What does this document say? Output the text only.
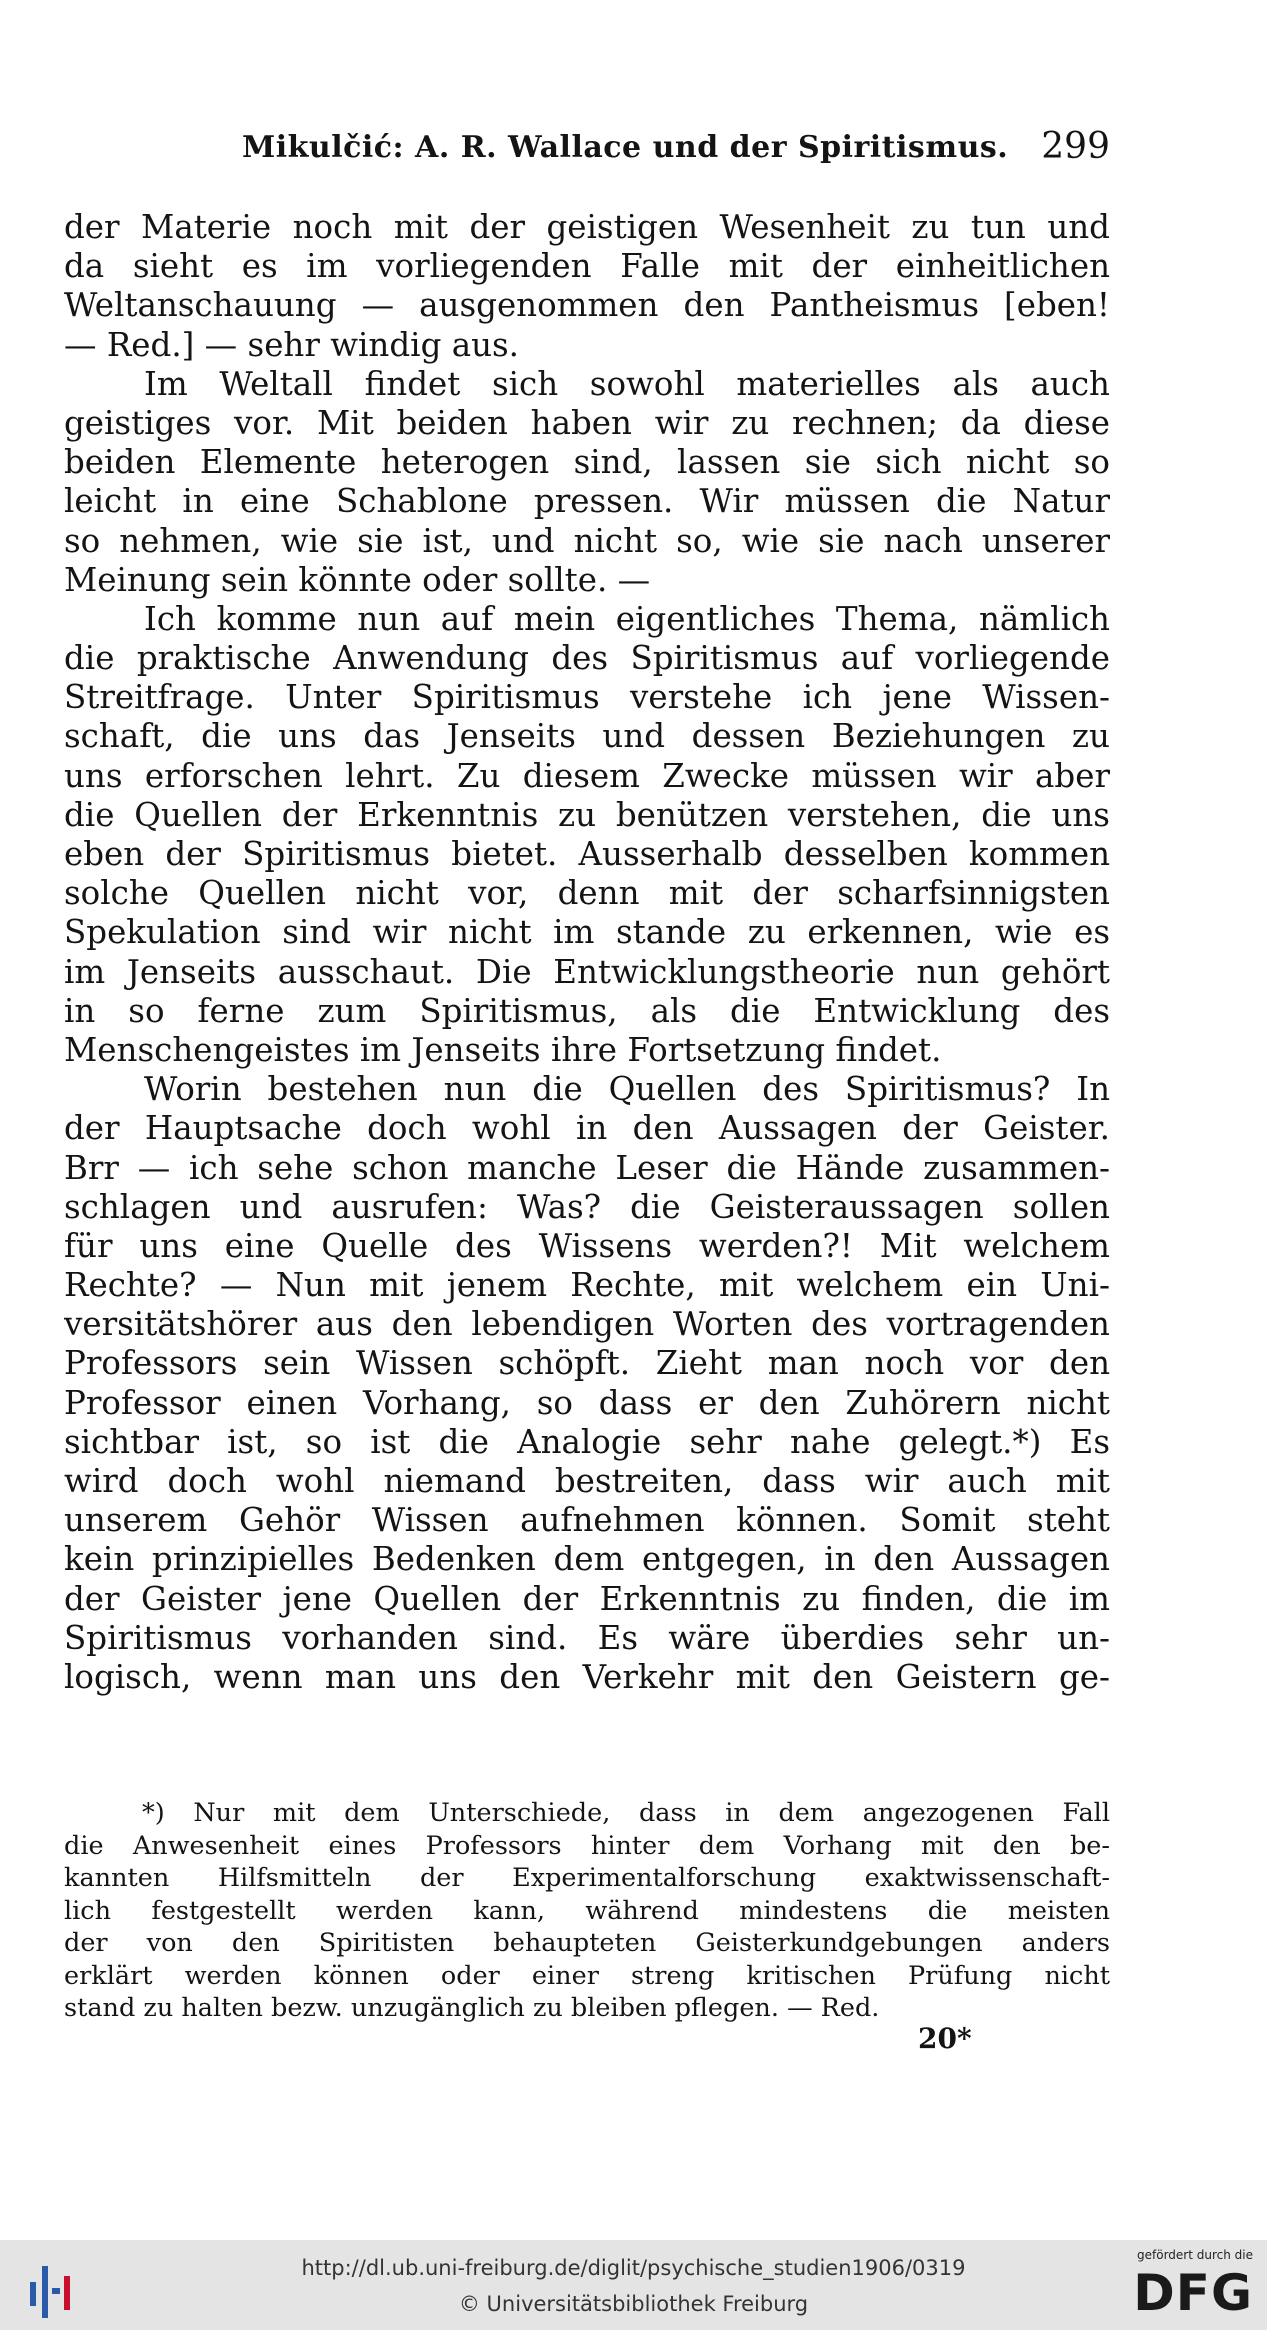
Mikulčić: A. R. Wallace und der Spiritismus. 299
der Materie noch mit der geistigen Wesenheit zu tun und
da sieht es im vorliegenden Falle mit der einheitlichen
Weltanschauung — ausgenommen den Pantheismus [eben!
— Red.] — sehr windig aus.
Im Weltall findet sich sowohl materielles als auch
geistiges vor. Mit beiden haben wir zu rechnen; da diese
beiden Elemente heterogen sind, lassen sie sich nicht so
leicht in eine Schablone pressen. Wir müssen die Natur
so nehmen, wie sie ist, und nicht so, wie sie nach unserer
Meinung sein könnte oder sollte. —
Ich komme nun auf mein eigentliches Thema, nämlich
die praktische Anwendung des Spiritismus auf vorliegende
Streitfrage. Unter Spiritismus verstehe ich jene Wissen-
schaft, die uns das Jenseits und dessen Beziehungen zu
uns erforschen lehrt. Zu diesem Zwecke müssen wir aber
die Quellen der Erkenntnis zu benützen verstehen, die uns
eben der Spiritismus bietet. Ausserhalb desselben kommen
solche Quellen nicht vor, denn mit der scharfsinnigsten
Spekulation sind wir nicht im stande zu erkennen, wie es
im Jenseits ausschaut. Die Entwicklungstheorie nun gehört
in so ferne zum Spiritismus, als die Entwicklung des
Menschengeistes im Jenseits ihre Fortsetzung findet.
Worin bestehen nun die Quellen des Spiritismus? In
der Hauptsache doch wohl in den Aussagen der Geister.
Brr — ich sehe schon manche Leser die Hände zusammen-
schlagen und ausrufen: Was? die Geisteraussagen sollen
für uns eine Quelle des Wissens werden?! Mit welchem
Rechte? — Nun mit jenem Rechte, mit welchem ein Uni-
versitätshörer aus den lebendigen Worten des vortragenden
Professors sein Wissen schöpft. Zieht man noch vor den
Professor einen Vorhang, so dass er den Zuhörern nicht
sichtbar ist, so ist die Analogie sehr nahe gelegt.*) Es
wird doch wohl niemand bestreiten, dass wir auch mit
unserem Gehör Wissen aufnehmen können. Somit steht
kein prinzipielles Bedenken dem entgegen, in den Aussagen
der Geister jene Quellen der Erkenntnis zu finden, die im
Spiritismus vorhanden sind. Es wäre überdies sehr un-
logisch, wenn man uns den Verkehr mit den Geistern ge-
*) Nur mit dem Unterschiede, dass in dem angezogenen Fall
die Anwesenheit eines Professors hinter dem Vorhang mit den be-
kannten Hilfsmitteln der Experimentalforschung exaktwissenschaft-
lich festgestellt werden kann, während mindestens die meisten
der von den Spiritisten behaupteten Geisterkundgebungen anders
erklärt werden können oder einer streng kritischen Prüfung nicht
stand zu halten bezw. unzugänglich zu bleiben pflegen. — Red.
20*
http://dl.ub.uni-freiburg.de/diglit/psychische_studien1906/0319
© Universitätsbibliothek Freiburg
gefördert durch die
DFG
